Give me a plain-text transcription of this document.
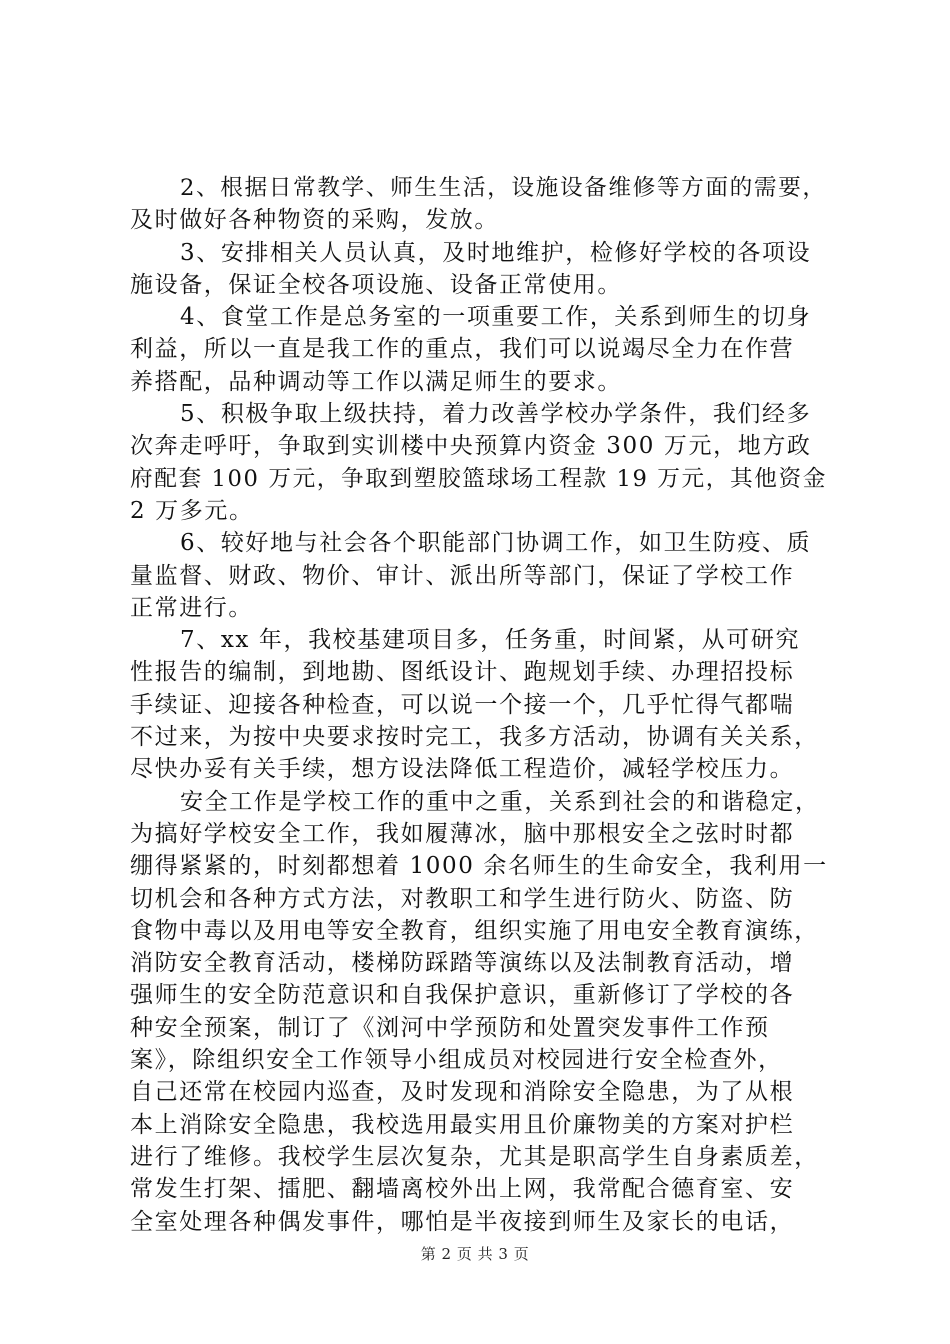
2、根据日常教学、师生生活，设施设备维修等方面的需要，
及时做好各种物资的采购，发放。

3、安排相关人员认真，及时地维护，检修好学校的各项设
施设备，保证全校各项设施、设备正常使用。

4、食堂工作是总务室的一项重要工作，关系到师生的切身
利益，所以一直是我工作的重点，我们可以说竭尽全力在作营
养搭配，品种调动等工作以满足师生的要求。

5、积极争取上级扶持，着力改善学校办学条件，我们经多
次奔走呼吁，争取到实训楼中央预算内资金 300 万元，地方政
府配套 100 万元，争取到塑胶篮球场工程款 19 万元，其他资金
2 万多元。

6、较好地与社会各个职能部门协调工作，如卫生防疫、质
量监督、财政、物价、审计、派出所等部门，保证了学校工作
正常进行。

7、xx 年，我校基建项目多，任务重，时间紧，从可研究
性报告的编制，到地勘、图纸设计、跑规划手续、办理招投标
手续证、迎接各种检查，可以说一个接一个，几乎忙得气都喘
不过来，为按中央要求按时完工，我多方活动，协调有关关系，
尽快办妥有关手续，想方设法降低工程造价，减轻学校压力。

安全工作是学校工作的重中之重，关系到社会的和谐稳定，
为搞好学校安全工作，我如履薄冰，脑中那根安全之弦时时都
绷得紧紧的，时刻都想着 1000 余名师生的生命安全，我利用一
切机会和各种方式方法，对教职工和学生进行防火、防盗、防
食物中毒以及用电等安全教育，组织实施了用电安全教育演练，
消防安全教育活动，楼梯防踩踏等演练以及法制教育活动，增
强师生的安全防范意识和自我保护意识，重新修订了学校的各
种安全预案，制订了《浏河中学预防和处置突发事件工作预
案》，除组织安全工作领导小组成员对校园进行安全检查外，
自己还常在校园内巡查，及时发现和消除安全隐患，为了从根
本上消除安全隐患，我校选用最实用且价廉物美的方案对护栏
进行了维修。我校学生层次复杂，尤其是职高学生自身素质差，
常发生打架、擂肥、翻墙离校外出上网，我常配合德育室、安
全室处理各种偶发事件，哪怕是半夜接到师生及家长的电话，

第 2 页 共 3 页
